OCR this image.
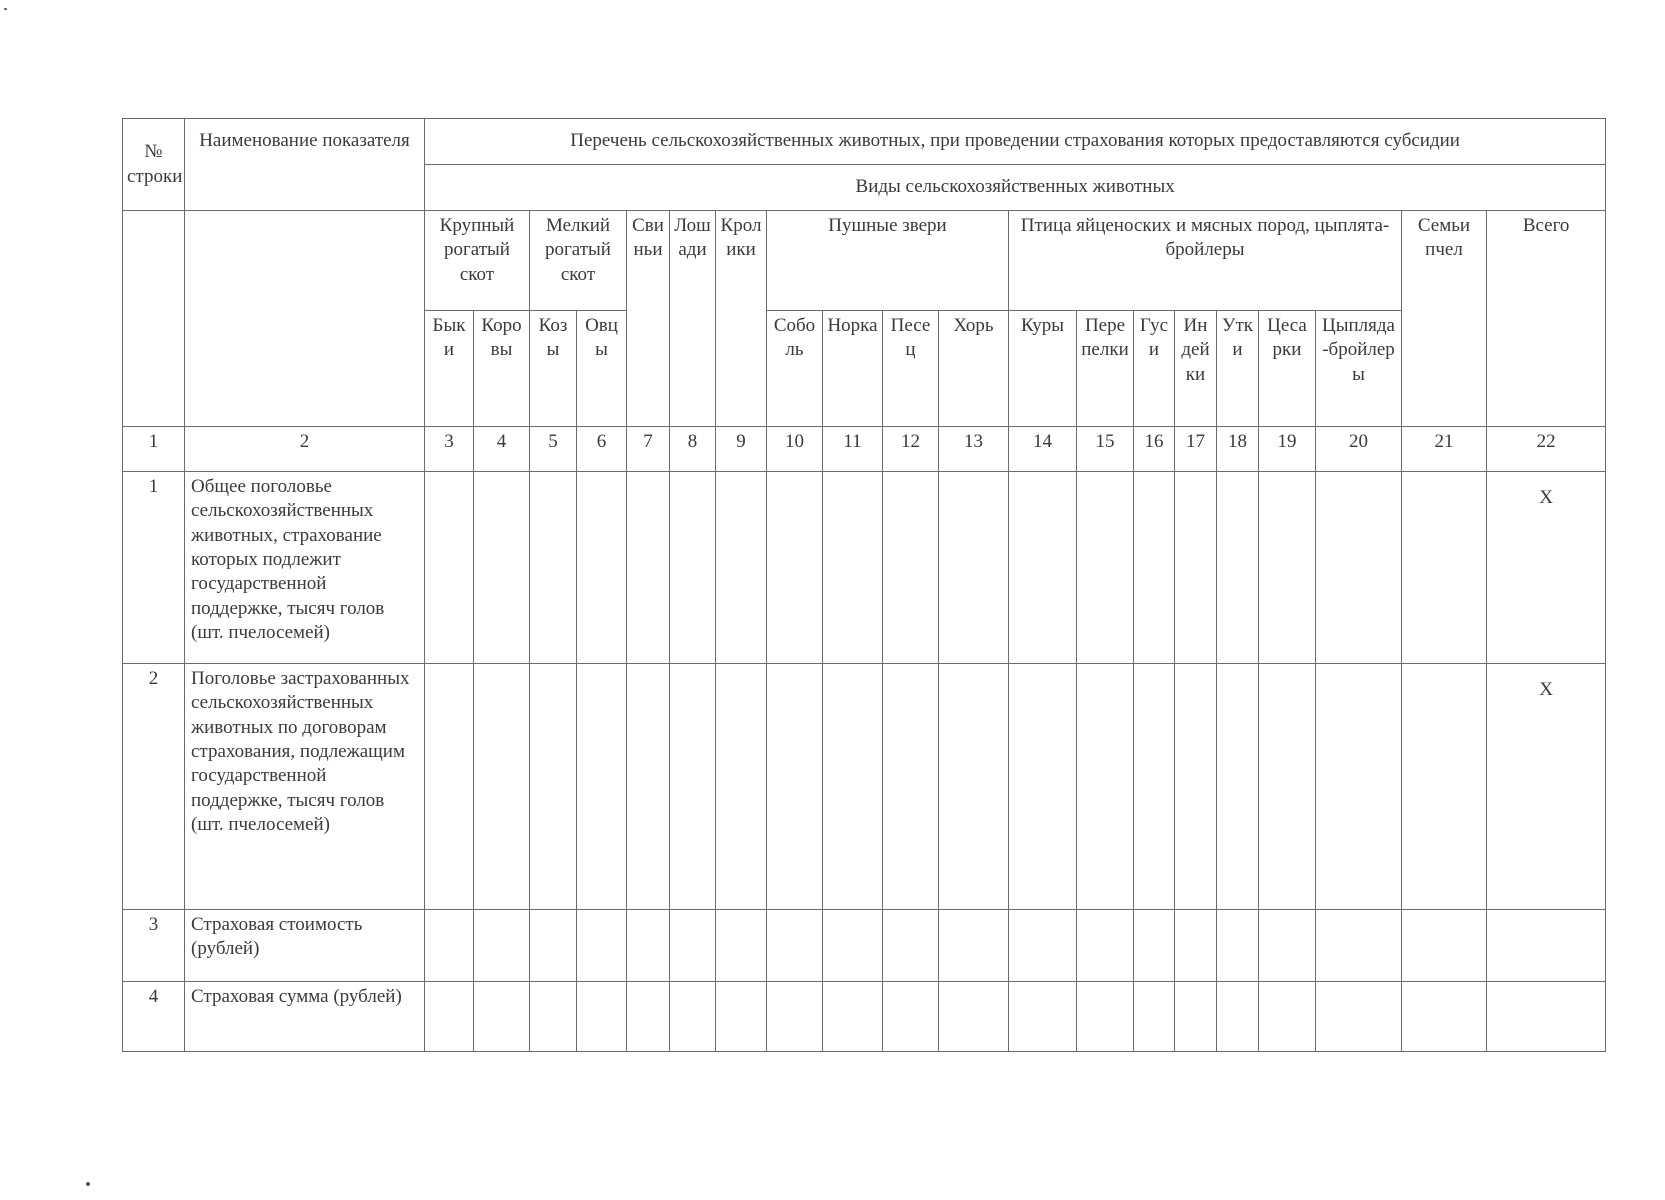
№ строки	Наименование показателя	Перечень сельскохозяйственных животных, при проведении страхования которых предоставляются субсидии																			
		Виды сельскохозяйственных животных																			
		Крупный рогатый скот		Мелкий рогатый скот		Свиньи	Лошади	Кролики	Пушные звери				Птица яйценоских и мясных пород, цыплята-бройлеры							Семьи пчел	Всего
		Быки	Коровы	Козы	Овцы				Соболь	Норка	Песец	Хорь	Куры	Перепелки	Гуси	Индейки	Утки	Цесарки	Цыпляда-бройлеры		
1	2	3	4	5	6	7	8	9	10	11	12	13	14	15	16	17	18	19	20	21	22
1	Общее поголовье сельскохозяйственных животных, страхование которых подлежит государственной поддержке, тысяч голов (шт. пчелосемей)																				X
2	Поголовье застрахованных сельскохозяйственных животных по договорам страхования, подлежащим государственной поддержке, тысяч голов (шт. пчелосемей)																				X
3	Страховая стоимость (рублей)																				
4	Страховая сумма (рублей)																				
